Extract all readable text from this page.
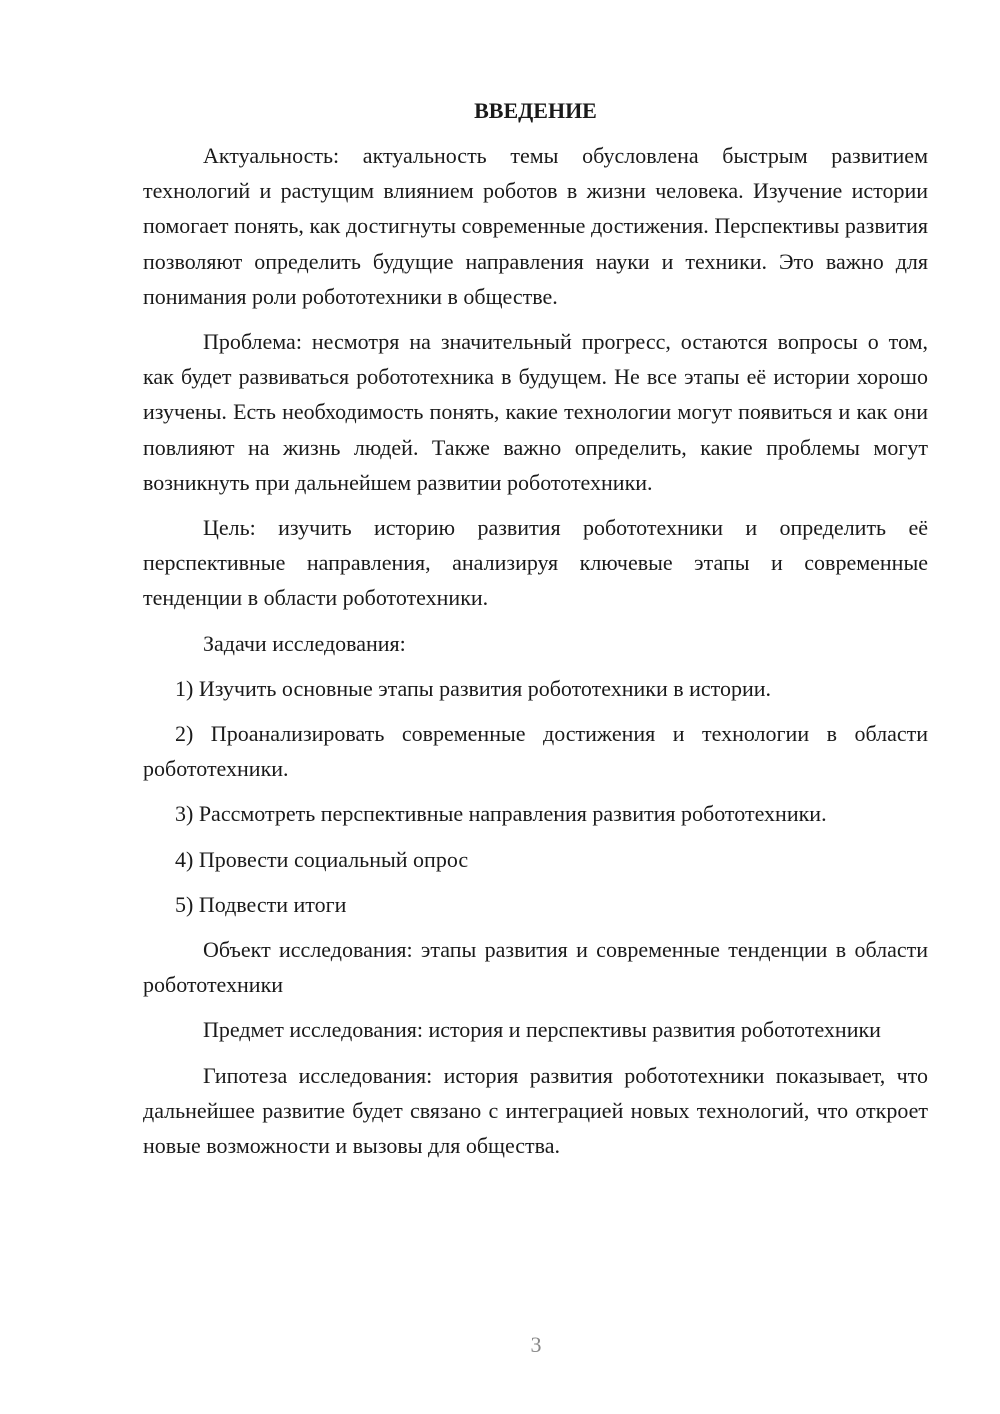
ВВЕДЕНИЕ

Актуальность: актуальность темы обусловлена быстрым развитием технологий и растущим влиянием роботов в жизни человека. Изучение истории помогает понять, как достигнуты современные достижения. Перспективы развития позволяют определить будущие направления науки и техники. Это важно для понимания роли робототехники в обществе.

Проблема: несмотря на значительный прогресс, остаются вопросы о том, как будет развиваться робототехника в будущем. Не все этапы её истории хорошо изучены. Есть необходимость понять, какие технологии могут появиться и как они повлияют на жизнь людей. Также важно определить, какие проблемы могут возникнуть при дальнейшем развитии робототехники.

Цель: изучить историю развития робототехники и определить её перспективные направления, анализируя ключевые этапы и современные тенденции в области робототехники.

Задачи исследования:

1) Изучить основные этапы развития робототехники в истории.

2) Проанализировать современные достижения и технологии в области робототехники.

3) Рассмотреть перспективные направления развития робототехники.

4) Провести социальный опрос

5) Подвести итоги

Объект исследования: этапы развития и современные тенденции в области робототехники

Предмет исследования: история и перспективы развития робототехники

Гипотеза исследования: история развития робототехники показывает, что дальнейшее развитие будет связано с интеграцией новых технологий, что откроет новые возможности и вызовы для общества.

3
